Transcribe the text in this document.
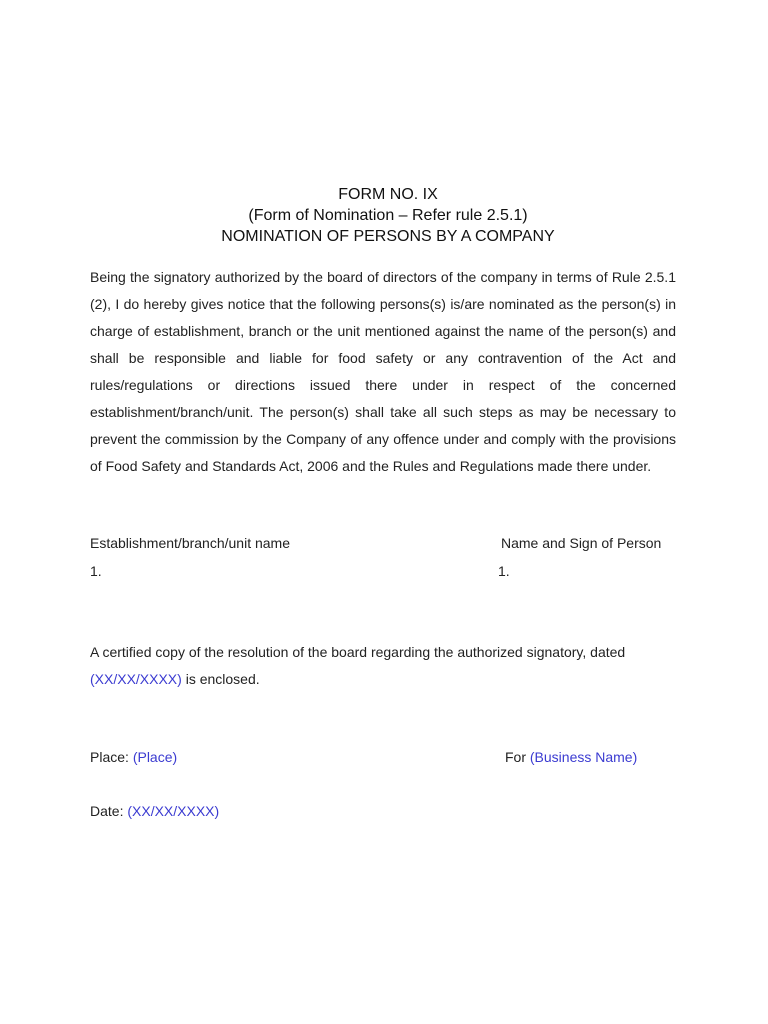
FORM NO. IX
(Form of Nomination – Refer rule 2.5.1)
NOMINATION OF PERSONS BY A COMPANY
Being the signatory authorized by the board of directors of the company in terms of Rule 2.5.1 (2), I do hereby gives notice that the following persons(s) is/are nominated as the person(s) in charge of establishment, branch or the unit mentioned against the name of the person(s) and shall be responsible and liable for food safety or any contravention of the Act and rules/regulations or directions issued there under in respect of the concerned establishment/branch/unit. The person(s) shall take all such steps as may be necessary to prevent the commission by the Company of any offence under and comply with the provisions of Food Safety and Standards Act, 2006 and the Rules and Regulations made there under.
Establishment/branch/unit name	Name and Sign of Person
1.	1.
A certified copy of the resolution of the board regarding the authorized signatory, dated
(XX/XX/XXXX) is enclosed.
Place: (Place)	For (Business Name)
Date: (XX/XX/XXXX)
